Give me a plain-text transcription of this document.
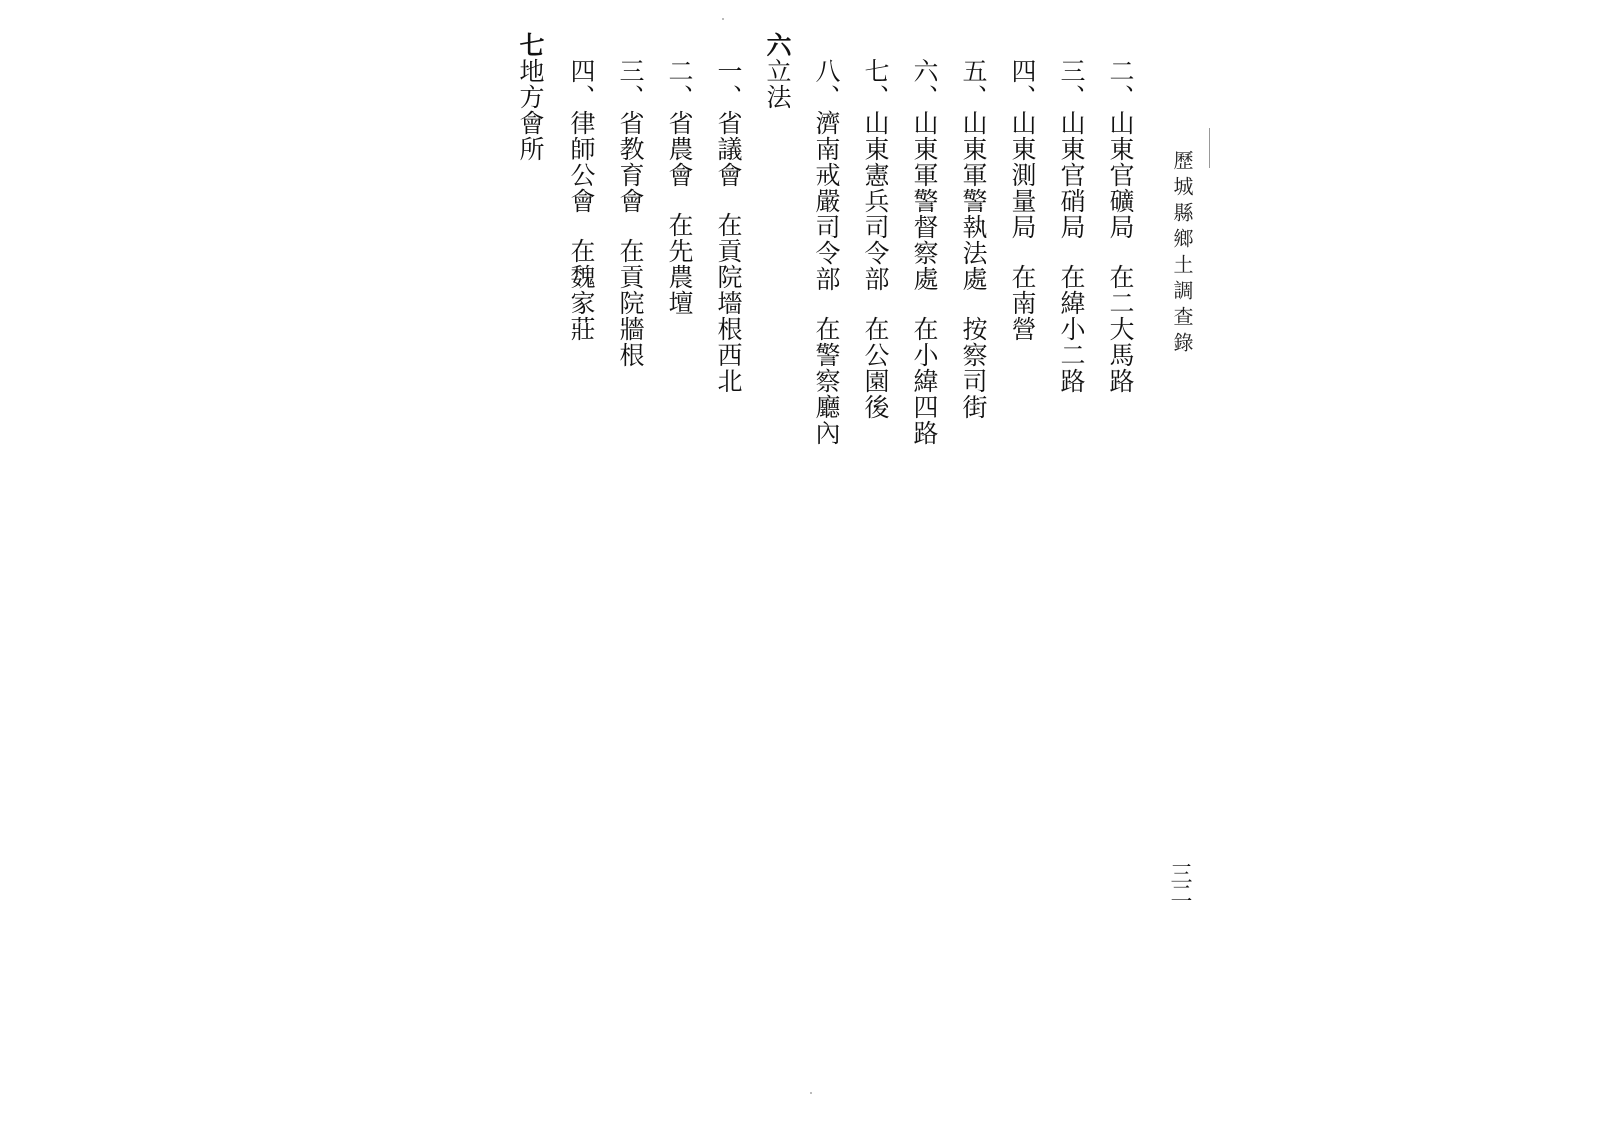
歷城縣鄉土調查錄
三二
二、山東官礦局在二大馬路
三、山東官硝局在緯小二路
四、山東測量局在南營
五、山東軍警執法處按察司街
六、山東軍警督察處在小緯四路
七、山東憲兵司令部在公園後
八、濟南戒嚴司令部在警察廳內
六立法
一、省議會在貢院墻根西北
二、省農會在先農壇
三、省教育會在貢院牆根
四、律師公會在魏家莊
七地方會所
